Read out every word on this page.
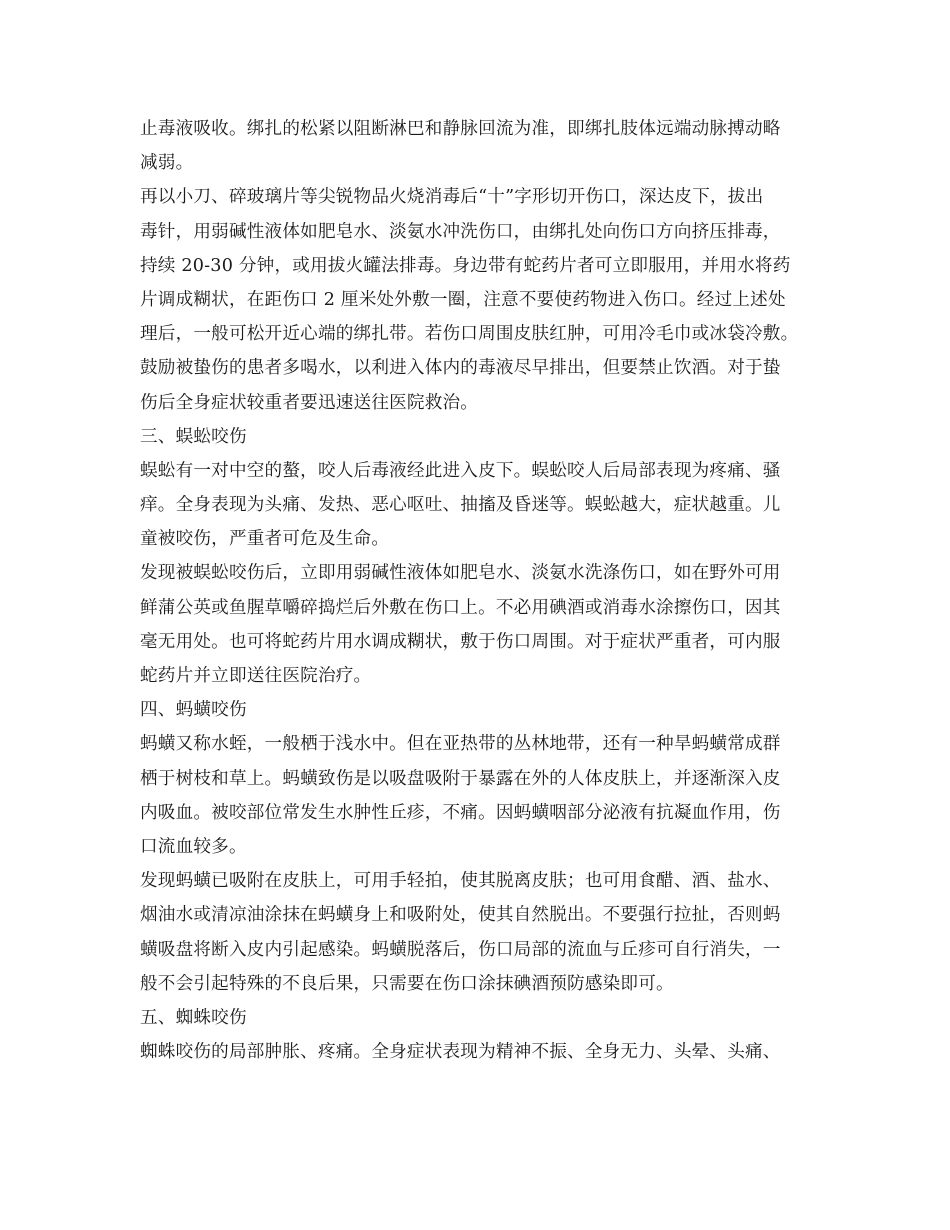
止毒液吸收。绑扎的松紧以阻断淋巴和静脉回流为准，即绑扎肢体远端动脉搏动略
减弱。
再以小刀、碎玻璃片等尖锐物品火烧消毒后“十”字形切开伤口，深达皮下，拔出
毒针，用弱碱性液体如肥皂水、淡氨水冲洗伤口，由绑扎处向伤口方向挤压排毒，
持续 20-30 分钟，或用拔火罐法排毒。身边带有蛇药片者可立即服用，并用水将药
片调成糊状，在距伤口 2 厘米处外敷一圈，注意不要使药物进入伤口。经过上述处
理后，一般可松开近心端的绑扎带。若伤口周围皮肤红肿，可用冷毛巾或冰袋冷敷。
鼓励被蛰伤的患者多喝水，以利进入体内的毒液尽早排出，但要禁止饮酒。对于蛰
伤后全身症状较重者要迅速送往医院救治。
三、蜈蚣咬伤
蜈蚣有一对中空的螯，咬人后毒液经此进入皮下。蜈蚣咬人后局部表现为疼痛、骚
痒。全身表现为头痛、发热、恶心呕吐、抽搐及昏迷等。蜈蚣越大，症状越重。儿
童被咬伤，严重者可危及生命。
发现被蜈蚣咬伤后，立即用弱碱性液体如肥皂水、淡氨水洗涤伤口，如在野外可用
鲜蒲公英或鱼腥草嚼碎捣烂后外敷在伤口上。不必用碘酒或消毒水涂擦伤口，因其
毫无用处。也可将蛇药片用水调成糊状，敷于伤口周围。对于症状严重者，可内服
蛇药片并立即送往医院治疗。
四、蚂蟥咬伤
蚂蟥又称水蛭，一般栖于浅水中。但在亚热带的丛林地带，还有一种旱蚂蟥常成群
栖于树枝和草上。蚂蟥致伤是以吸盘吸附于暴露在外的人体皮肤上，并逐渐深入皮
内吸血。被咬部位常发生水肿性丘疹，不痛。因蚂蟥咽部分泌液有抗凝血作用，伤
口流血较多。
发现蚂蟥已吸附在皮肤上，可用手轻拍，使其脱离皮肤；也可用食醋、酒、盐水、
烟油水或清凉油涂抹在蚂蟥身上和吸附处，使其自然脱出。不要强行拉扯，否则蚂
蟥吸盘将断入皮内引起感染。蚂蟥脱落后，伤口局部的流血与丘疹可自行消失，一
般不会引起特殊的不良后果，只需要在伤口涂抹碘酒预防感染即可。
五、蜘蛛咬伤
蜘蛛咬伤的局部肿胀、疼痛。全身症状表现为精神不振、全身无力、头晕、头痛、
